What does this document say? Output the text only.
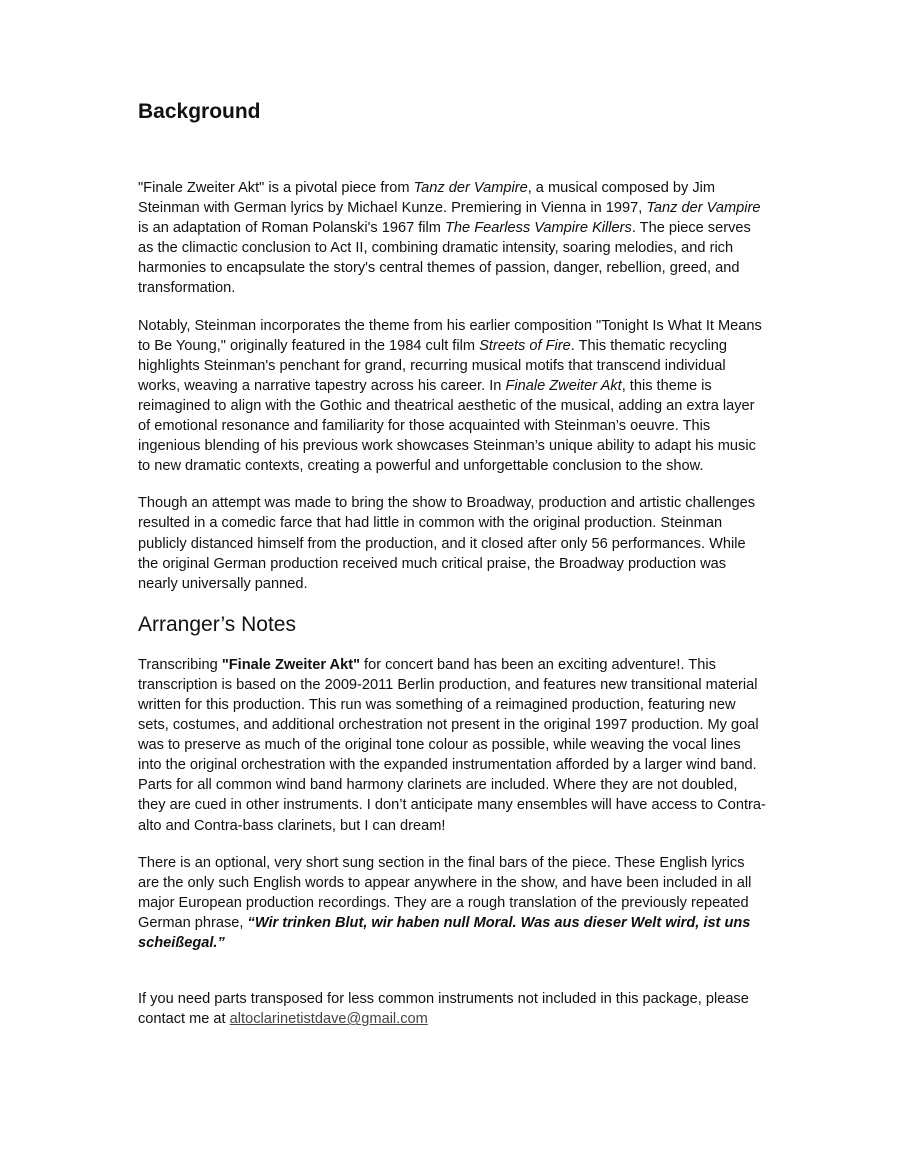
Background

"Finale Zweiter Akt" is a pivotal piece from Tanz der Vampire, a musical composed by Jim Steinman with German lyrics by Michael Kunze. Premiering in Vienna in 1997, Tanz der Vampire is an adaptation of Roman Polanski's 1967 film The Fearless Vampire Killers. The piece serves as the climactic conclusion to Act II, combining dramatic intensity, soaring melodies, and rich harmonies to encapsulate the story's central themes of passion, danger, rebellion, greed, and transformation.

Notably, Steinman incorporates the theme from his earlier composition "Tonight Is What It Means to Be Young," originally featured in the 1984 cult film Streets of Fire. This thematic recycling highlights Steinman's penchant for grand, recurring musical motifs that transcend individual works, weaving a narrative tapestry across his career. In Finale Zweiter Akt, this theme is reimagined to align with the Gothic and theatrical aesthetic of the musical, adding an extra layer of emotional resonance and familiarity for those acquainted with Steinman’s oeuvre. This ingenious blending of his previous work showcases Steinman’s unique ability to adapt his music to new dramatic contexts, creating a powerful and unforgettable conclusion to the show.

Though an attempt was made to bring the show to Broadway, production and artistic challenges resulted in a comedic farce that had little in common with the original production. Steinman publicly distanced himself from the production, and it closed after only 56 performances. While the original German production received much critical praise, the Broadway production was nearly universally panned.

Arranger’s Notes

Transcribing "Finale Zweiter Akt" for concert band has been an exciting adventure!. This transcription is based on the 2009-2011 Berlin production, and features new transitional material written for this production. This run was something of a reimagined production, featuring new sets, costumes, and additional orchestration not present in the original 1997 production. My goal was to preserve as much of the original tone colour as possible, while weaving the vocal lines into the original orchestration with the expanded instrumentation afforded by a larger wind band. Parts for all common wind band harmony clarinets are included. Where they are not doubled, they are cued in other instruments. I don’t anticipate many ensembles will have access to Contra-alto and Contra-bass clarinets, but I can dream!

There is an optional, very short sung section in the final bars of the piece. These English lyrics are the only such English words to appear anywhere in the show, and have been included in all major European production recordings. They are a rough translation of the previously repeated German phrase, “Wir trinken Blut, wir haben null Moral. Was aus dieser Welt wird, ist uns scheißegal.”

If you need parts transposed for less common instruments not included in this package, please contact me at altoclarinetistdave@gmail.com
